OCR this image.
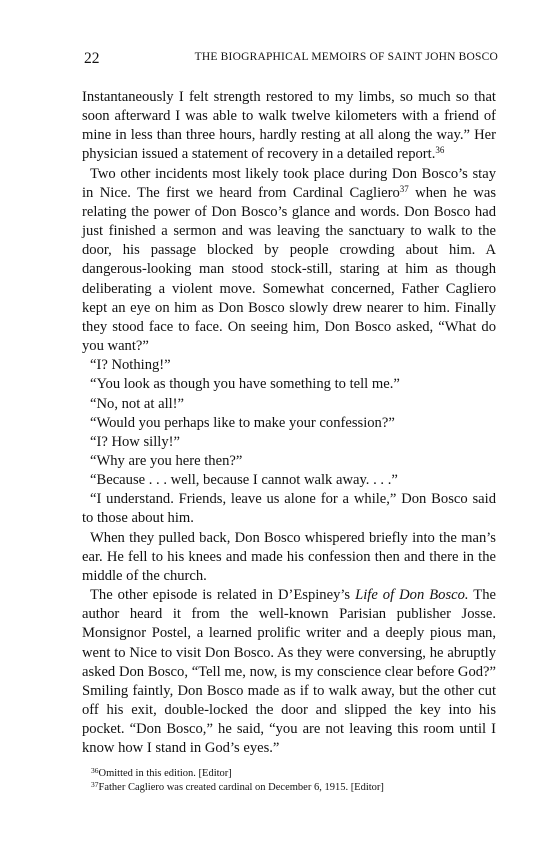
22	THE BIOGRAPHICAL MEMOIRS OF SAINT JOHN BOSCO

Instantaneously I felt strength restored to my limbs, so much so that soon afterward I was able to walk twelve kilometers with a friend of mine in less than three hours, hardly resting at all along the way.” Her physician issued a statement of recovery in a detailed report.$^{36}$

Two other incidents most likely took place during Don Bosco’s stay in Nice. The first we heard from Cardinal Cagliero$^{37}$ when he was relating the power of Don Bosco’s glance and words. Don Bosco had just finished a sermon and was leaving the sanctuary to walk to the door, his passage blocked by people crowding about him. A dangerous-looking man stood stock-still, staring at him as though deliberating a violent move. Somewhat concerned, Father Cagliero kept an eye on him as Don Bosco slowly drew nearer to him. Finally they stood face to face. On seeing him, Don Bosco asked, “What do you want?”

“I? Nothing!”

“You look as though you have something to tell me.”

“No, not at all!”

“Would you perhaps like to make your confession?”

“I? How silly!”

“Why are you here then?”

“Because . . . well, because I cannot walk away. . . .”

“I understand. Friends, leave us alone for a while,” Don Bosco said to those about him.

When they pulled back, Don Bosco whispered briefly into the man’s ear. He fell to his knees and made his confession then and there in the middle of the church.

The other episode is related in D’Espiney’s Life of Don Bosco. The author heard it from the well-known Parisian publisher Josse. Monsignor Postel, a learned prolific writer and a deeply pious man, went to Nice to visit Don Bosco. As they were conversing, he abruptly asked Don Bosco, “Tell me, now, is my conscience clear before God?” Smiling faintly, Don Bosco made as if to walk away, but the other cut off his exit, double-locked the door and slipped the key into his pocket. “Don Bosco,” he said, “you are not leaving this room until I know how I stand in God’s eyes.”

$^{36}$Omitted in this edition. [Editor]

$^{37}$Father Cagliero was created cardinal on December 6, 1915. [Editor]
